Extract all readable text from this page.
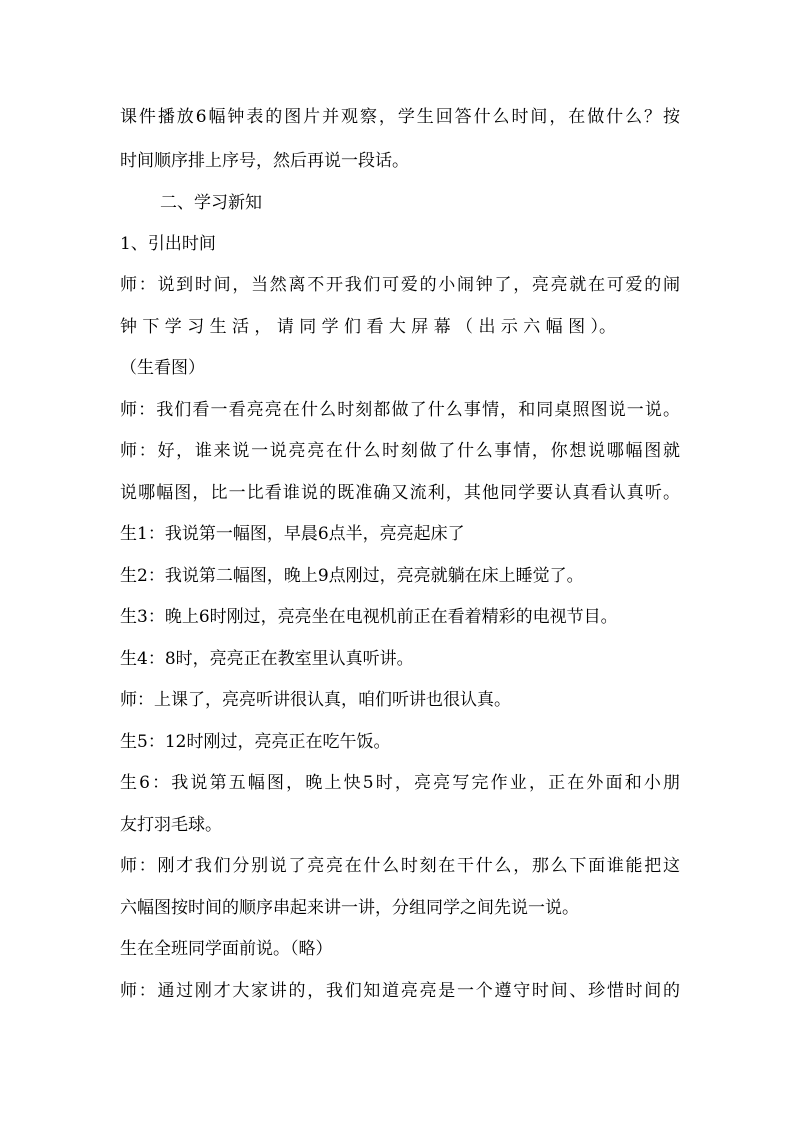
课件播放6幅钟表的图片并观察，学生回答什么时间，在做什么？按
时间顺序排上序号，然后再说一段话。
二、学习新知
1、引出时间
师：说到时间，当然离不开我们可爱的小闹钟了，亮亮就在可爱的闹
钟 下 学 习 生 活 ， 请 同 学 们 看 大 屏 幕 （ 出 示 六 幅 图 ）。
（生看图）
师：我们看一看亮亮在什么时刻都做了什么事情，和同桌照图说一说。
师：好，谁来说一说亮亮在什么时刻做了什么事情，你想说哪幅图就
说哪幅图，比一比看谁说的既准确又流利，其他同学要认真看认真听。
生1：我说第一幅图，早晨6点半，亮亮起床了
生2：我说第二幅图，晚上9点刚过，亮亮就躺在床上睡觉了。
生3：晚上6时刚过，亮亮坐在电视机前正在看着精彩的电视节目。
生4：8时，亮亮正在教室里认真听讲。
师：上课了，亮亮听讲很认真，咱们听讲也很认真。
生5：12时刚过，亮亮正在吃午饭。
生6：我说第五幅图，晚上快5时，亮亮写完作业，正在外面和小朋
友打羽毛球。
师：刚才我们分别说了亮亮在什么时刻在干什么，那么下面谁能把这
六幅图按时间的顺序串起来讲一讲，分组同学之间先说一说。
生在全班同学面前说。（略）
师：通过刚才大家讲的，我们知道亮亮是一个遵守时间、珍惜时间的
